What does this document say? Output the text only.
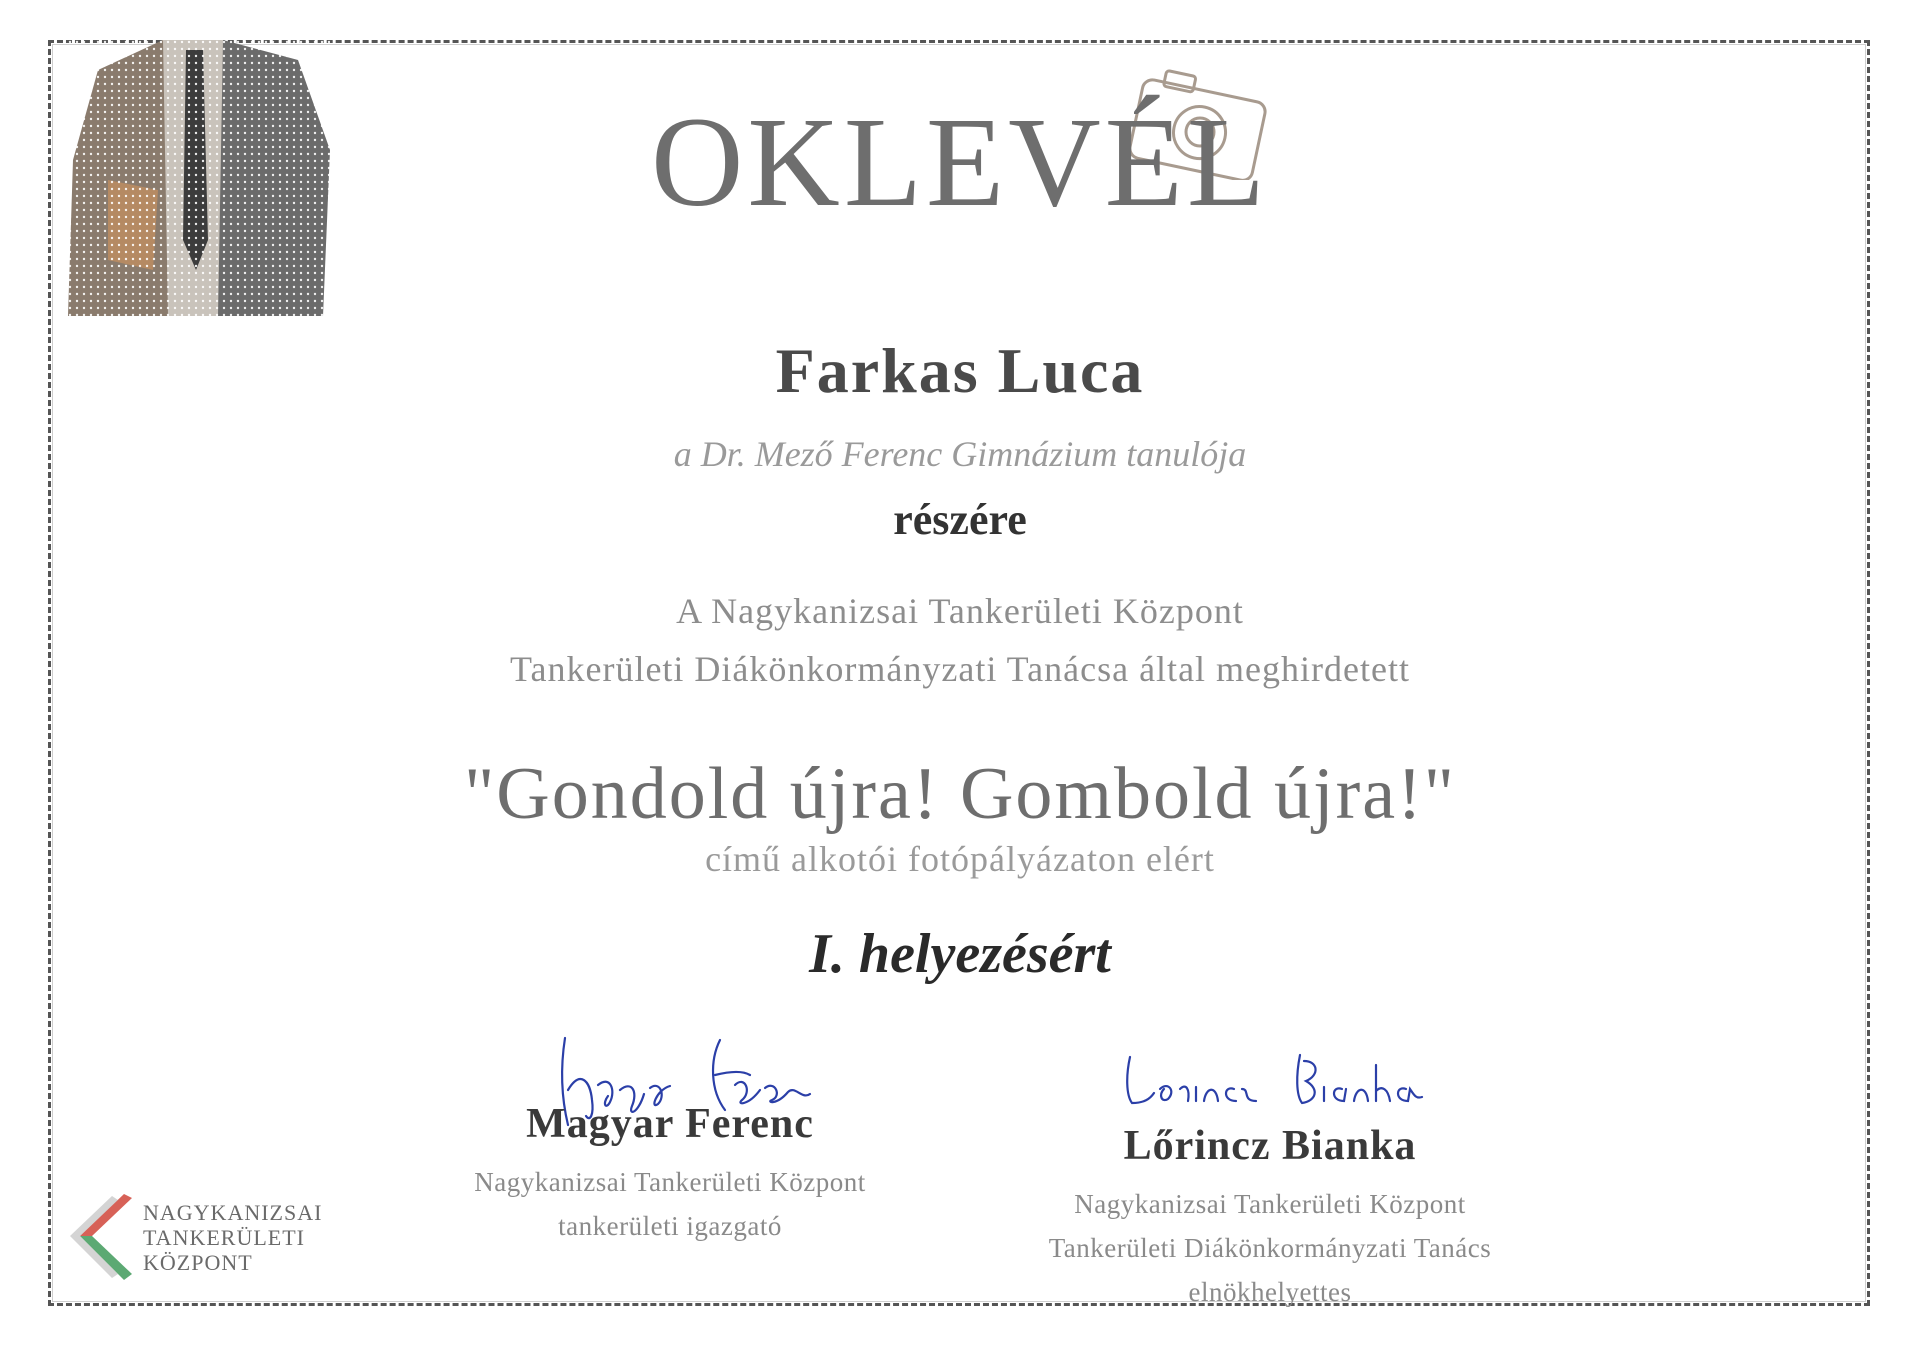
OKLEVÉL
Farkas Luca
a Dr. Mező Ferenc Gimnázium tanulója
részére
A Nagykanizsai Tankerületi Központ
Tankerületi Diákönkormányzati Tanácsa által meghirdetett
"Gondold újra! Gombold újra!"
című alkotói fotópályázaton elért
I. helyezésért
Magyar Ferenc
Nagykanizsai Tankerületi Központ
tankerületi igazgató
Lőrincz Bianka
Nagykanizsai Tankerületi Központ
Tankerületi Diákönkormányzati Tanács
elnökhelyettes
NAGYKANIZSAI
TANKERÜLETI
KÖZPONT
